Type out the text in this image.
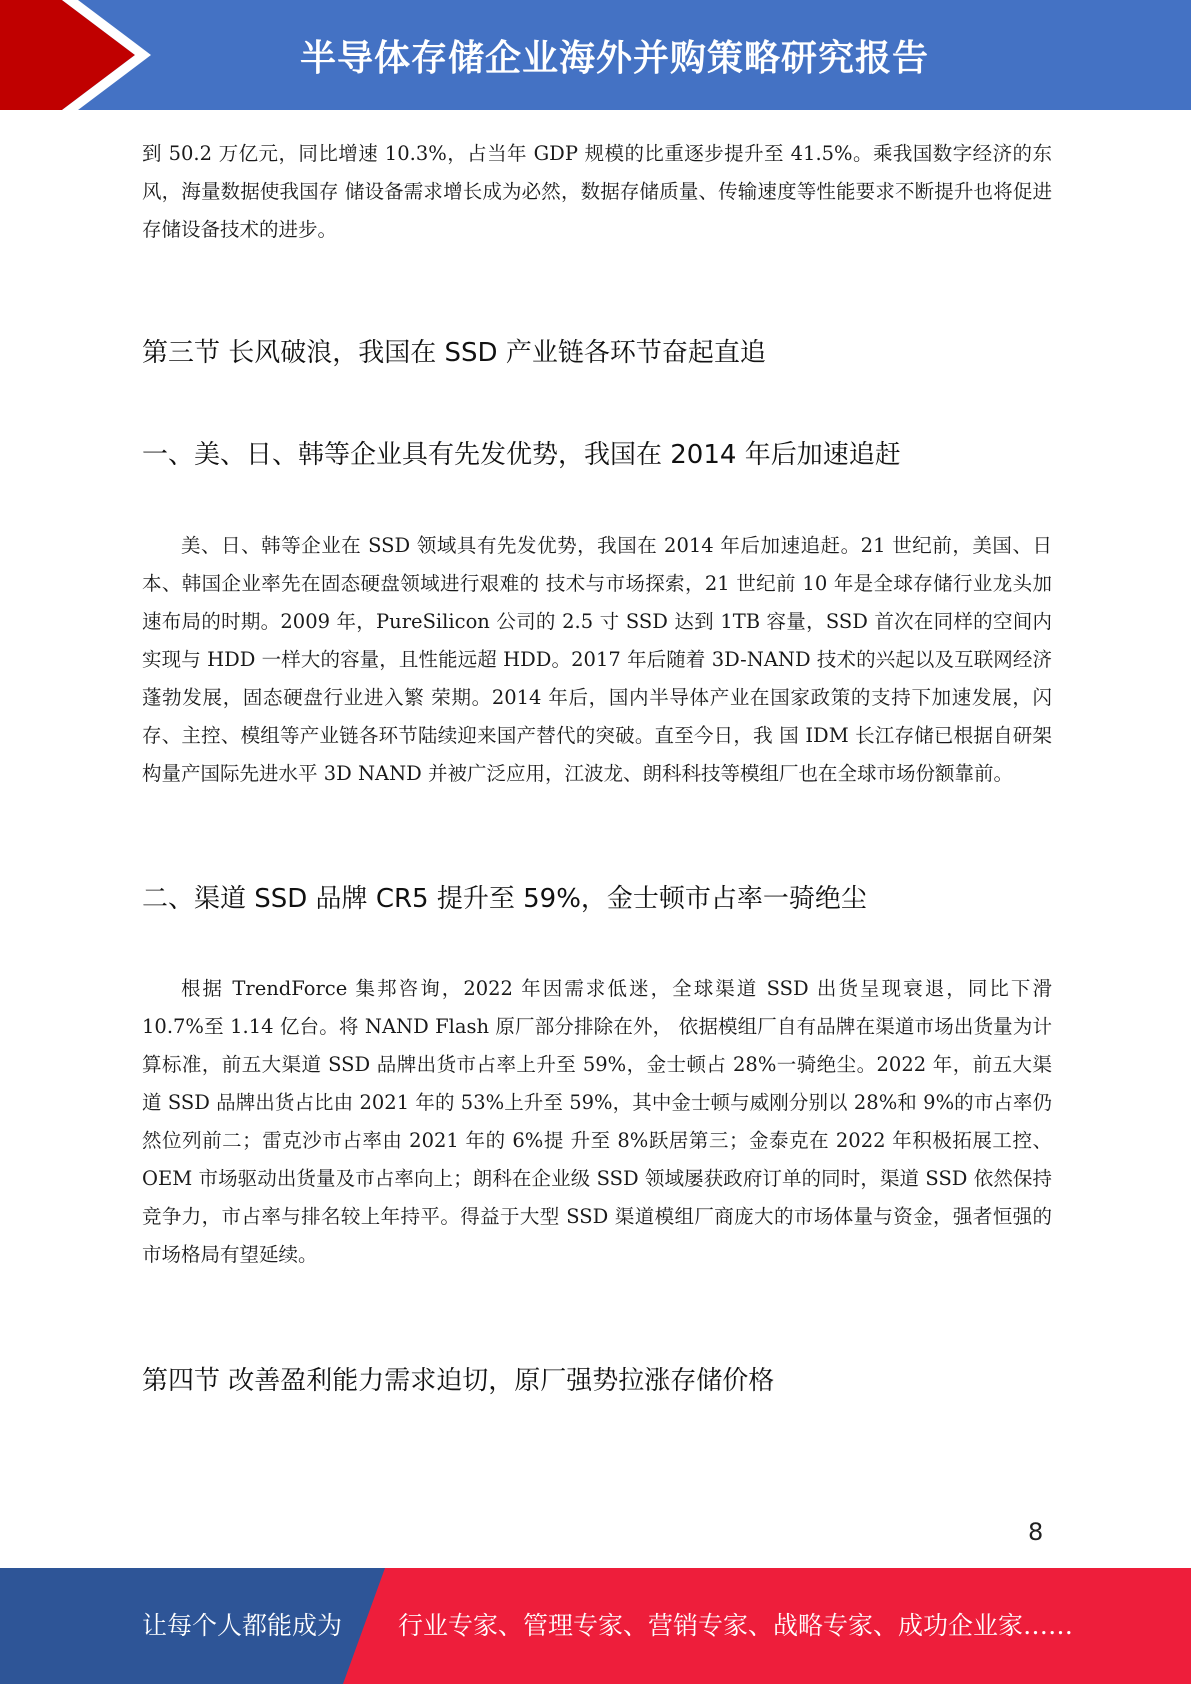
半导体存储企业海外并购策略研究报告

到 50.2 万亿元，同比增速 10.3%，占当年 GDP 规模的比重逐步提升至 41.5%。乘我国数字经济的东风，海量数据使我国存 储设备需求增长成为必然，数据存储质量、传输速度等性能要求不断提升也将促进存储设备技术的进步。

第三节 长风破浪，我国在 SSD 产业链各环节奋起直追
一、美、日、韩等企业具有先发优势，我国在 2014 年后加速追赶

美、日、韩等企业在 SSD 领域具有先发优势，我国在 2014 年后加速追赶。21 世纪前，美国、日本、韩国企业率先在固态硬盘领域进行艰难的 技术与市场探索，21 世纪前 10 年是全球存储行业龙头加速布局的时期。2009 年，PureSilicon 公司的 2.5 寸 SSD 达到 1TB 容量，SSD 首次在同样的空间内实现与 HDD 一样大的容量，且性能远超 HDD。2017 年后随着 3D-NAND 技术的兴起以及互联网经济蓬勃发展，固态硬盘行业进入繁 荣期。2014 年后，国内半导体产业在国家政策的支持下加速发展，闪存、主控、模组等产业链各环节陆续迎来国产替代的突破。直至今日，我 国 IDM 长江存储已根据自研架构量产国际先进水平 3D NAND 并被广泛应用，江波龙、朗科科技等模组厂也在全球市场份额靠前。

二、渠道 SSD 品牌 CR5 提升至 59%，金士顿市占率一骑绝尘

根据 TrendForce 集邦咨询，2022 年因需求低迷，全球渠道 SSD 出货呈现衰退，同比下滑 10.7%至 1.14 亿台。将 NAND Flash 原厂部分排除在外， 依据模组厂自有品牌在渠道市场出货量为计算标准，前五大渠道 SSD 品牌出货市占率上升至 59%，金士顿占 28%一骑绝尘。2022 年，前五大渠 道 SSD 品牌出货占比由 2021 年的 53%上升至 59%，其中金士顿与威刚分别以 28%和 9%的市占率仍然位列前二；雷克沙市占率由 2021 年的 6%提 升至 8%跃居第三；金泰克在 2022 年积极拓展工控、OEM 市场驱动出货量及市占率向上；朗科在企业级 SSD 领域屡获政府订单的同时，渠道 SSD 依然保持竞争力，市占率与排名较上年持平。得益于大型 SSD 渠道模组厂商庞大的市场体量与资金，强者恒强的市场格局有望延续。

第四节 改善盈利能力需求迫切，原厂强势拉涨存储价格
8
让每个人都能成为 行业专家、管理专家、营销专家、战略专家、成功企业家……
